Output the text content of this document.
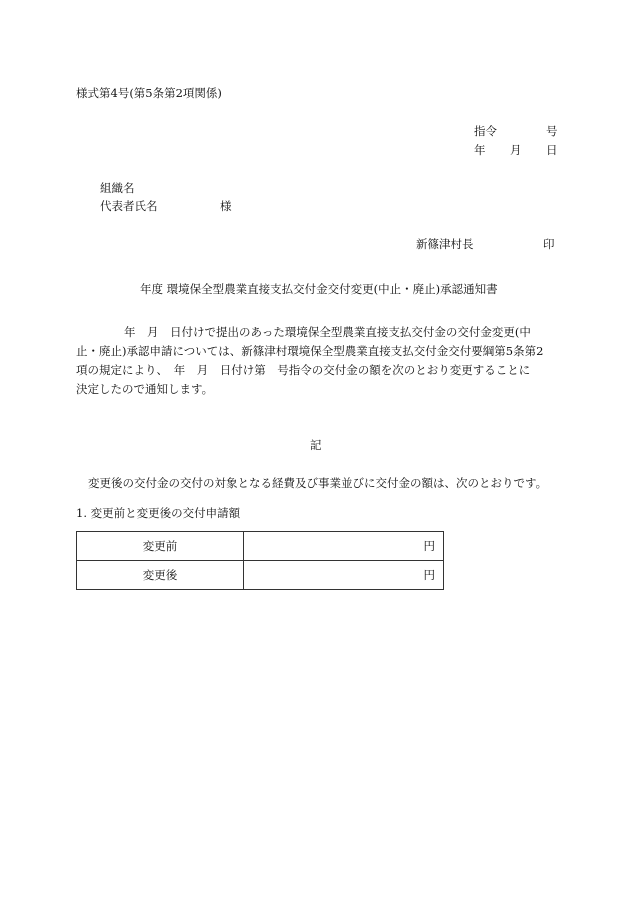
様式第4号(第5条第2項関係)
指令	号
年 月 日
組織名
代表者氏名	様
新篠津村長	印
年度 環境保全型農業直接支払交付金交付変更(中止・廃止)承認通知書
年　月　日付けで提出のあった環境保全型農業直接支払交付金の交付金変更(中
止・廃止)承認申請については、新篠津村環境保全型農業直接支払交付金交付要綱第5条第2
項の規定により、　年　月　日付け第　号指令の交付金の額を次のとおり変更することに
決定したので通知します。
記
変更後の交付金の交付の対象となる経費及び事業並びに交付金の額は、次のとおりです。
1. 変更前と変更後の交付申請額
変更前	円
変更後	円
